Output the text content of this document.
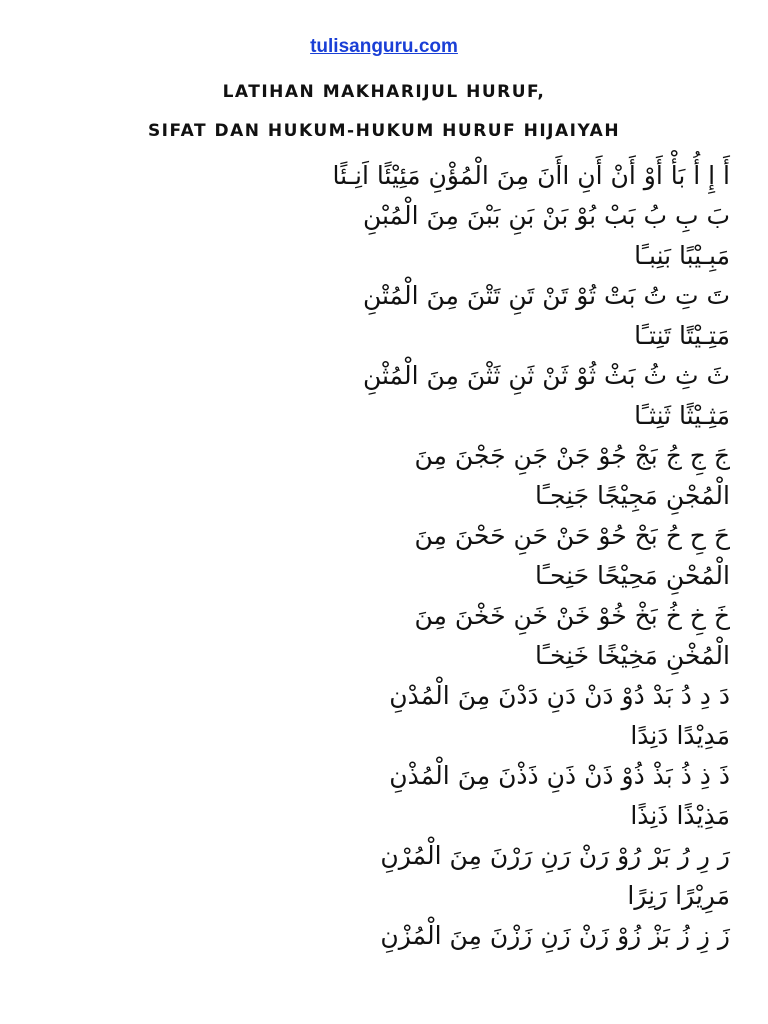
tulisanguru.com
LATIHAN MAKHARIJUL HURUF,
SIFAT DAN HUKUM-HUKUM HURUF HIJAIYAH
أَ إِ أُ بَأْ أَوْ أَنْ أَنِ اأَنَ مِنَ الْمُؤْنِ مَئِيْئًا اَنِـئًا
بَ بِ بُ بَبْ بُوْ بَنْ بَنِ بَبْنَ مِنَ الْمُبْنِ
مَبِـيْبًا بَنِبـًا
تَ تِ تُ بَتْ تُوْ تَنْ تَنِ تَتْنَ مِنَ الْمُتْنِ
مَتِـيْتًا تَنِتـًا
ثَ ثِ ثُ بَثْ ثُوْ ثَنْ ثَنِ ثَثْنَ مِنَ الْمُثْنِ
مَثِـيْثًا ثَنِثـًا
جَ جِ جُ بَجْ جُوْ جَنْ جَنِ جَجْنَ مِنَ
الْمُجْنِ مَجِيْجًا جَنِجـًا
حَ حِ حُ بَحْ حُوْ حَنْ حَنِ حَحْنَ مِنَ
الْمُحْنِ مَحِيْحًا حَنِحـًا
خَ خِ خُ بَخْ خُوْ خَنْ خَنِ خَخْنَ مِنَ
الْمُخْنِ مَخِيْخًا خَنِخـًا
دَ دِ دُ بَدْ دُوْ دَنْ دَنِ دَدْنَ مِنَ الْمُدْنِ
مَدِيْدًا دَنِدًا
ذَ ذِ ذُ بَذْ ذُوْ ذَنْ ذَنِ ذَذْنَ مِنَ الْمُذْنِ
مَذِيْذًا ذَنِذًا
رَ رِ رُ بَرْ رُوْ رَنْ رَنِ رَرْنَ مِنَ الْمُرْنِ
مَرِيْرًا رَنِرًا
زَ زِ زُ بَزْ زُوْ زَنْ زَنِ زَزْنَ مِنَ الْمُزْنِ
